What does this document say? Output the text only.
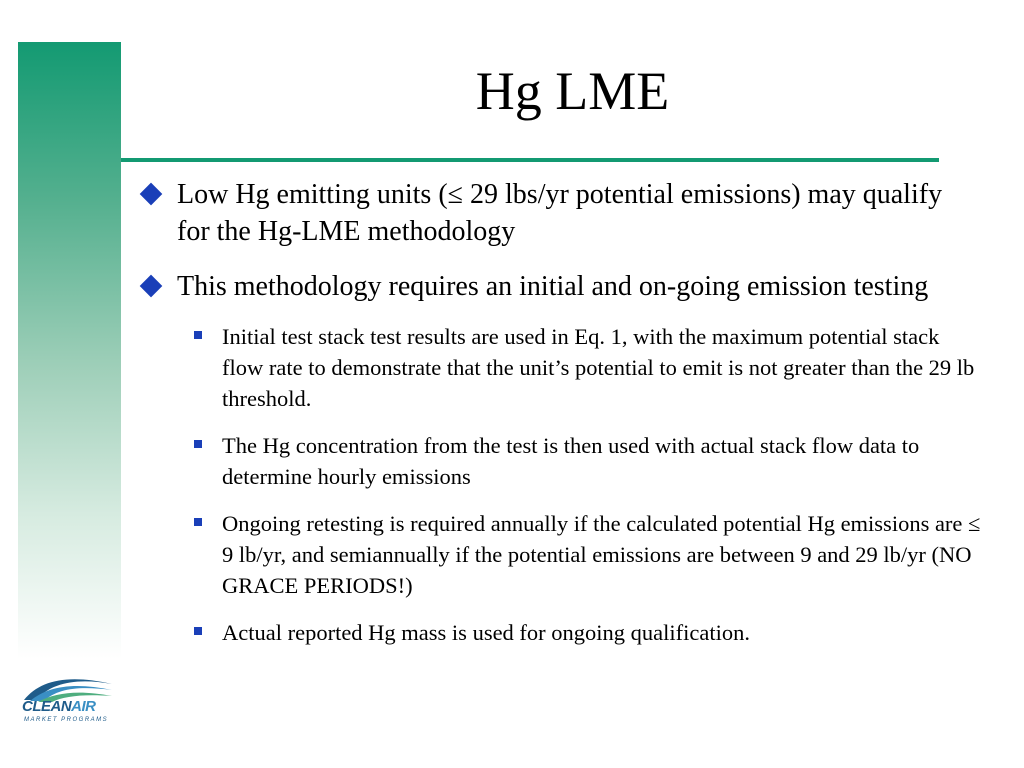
Hg LME
Low Hg emitting units (≤ 29 lbs/yr potential emissions) may qualify for the Hg-LME methodology
This methodology requires an initial and on-going emission testing
Initial test stack test results are used in Eq. 1, with the maximum potential stack flow rate to demonstrate that the unit’s potential to emit is not greater than the 29 lb threshold.
The Hg concentration from the test is then used with actual stack flow data to determine hourly emissions
Ongoing retesting is required annually if the calculated potential Hg emissions are ≤ 9 lb/yr, and semiannually if the potential emissions are between 9 and 29 lb/yr (NO GRACE PERIODS!)
Actual reported Hg mass is used for ongoing qualification.
CLEANAIR
MARKET PROGRAMS
